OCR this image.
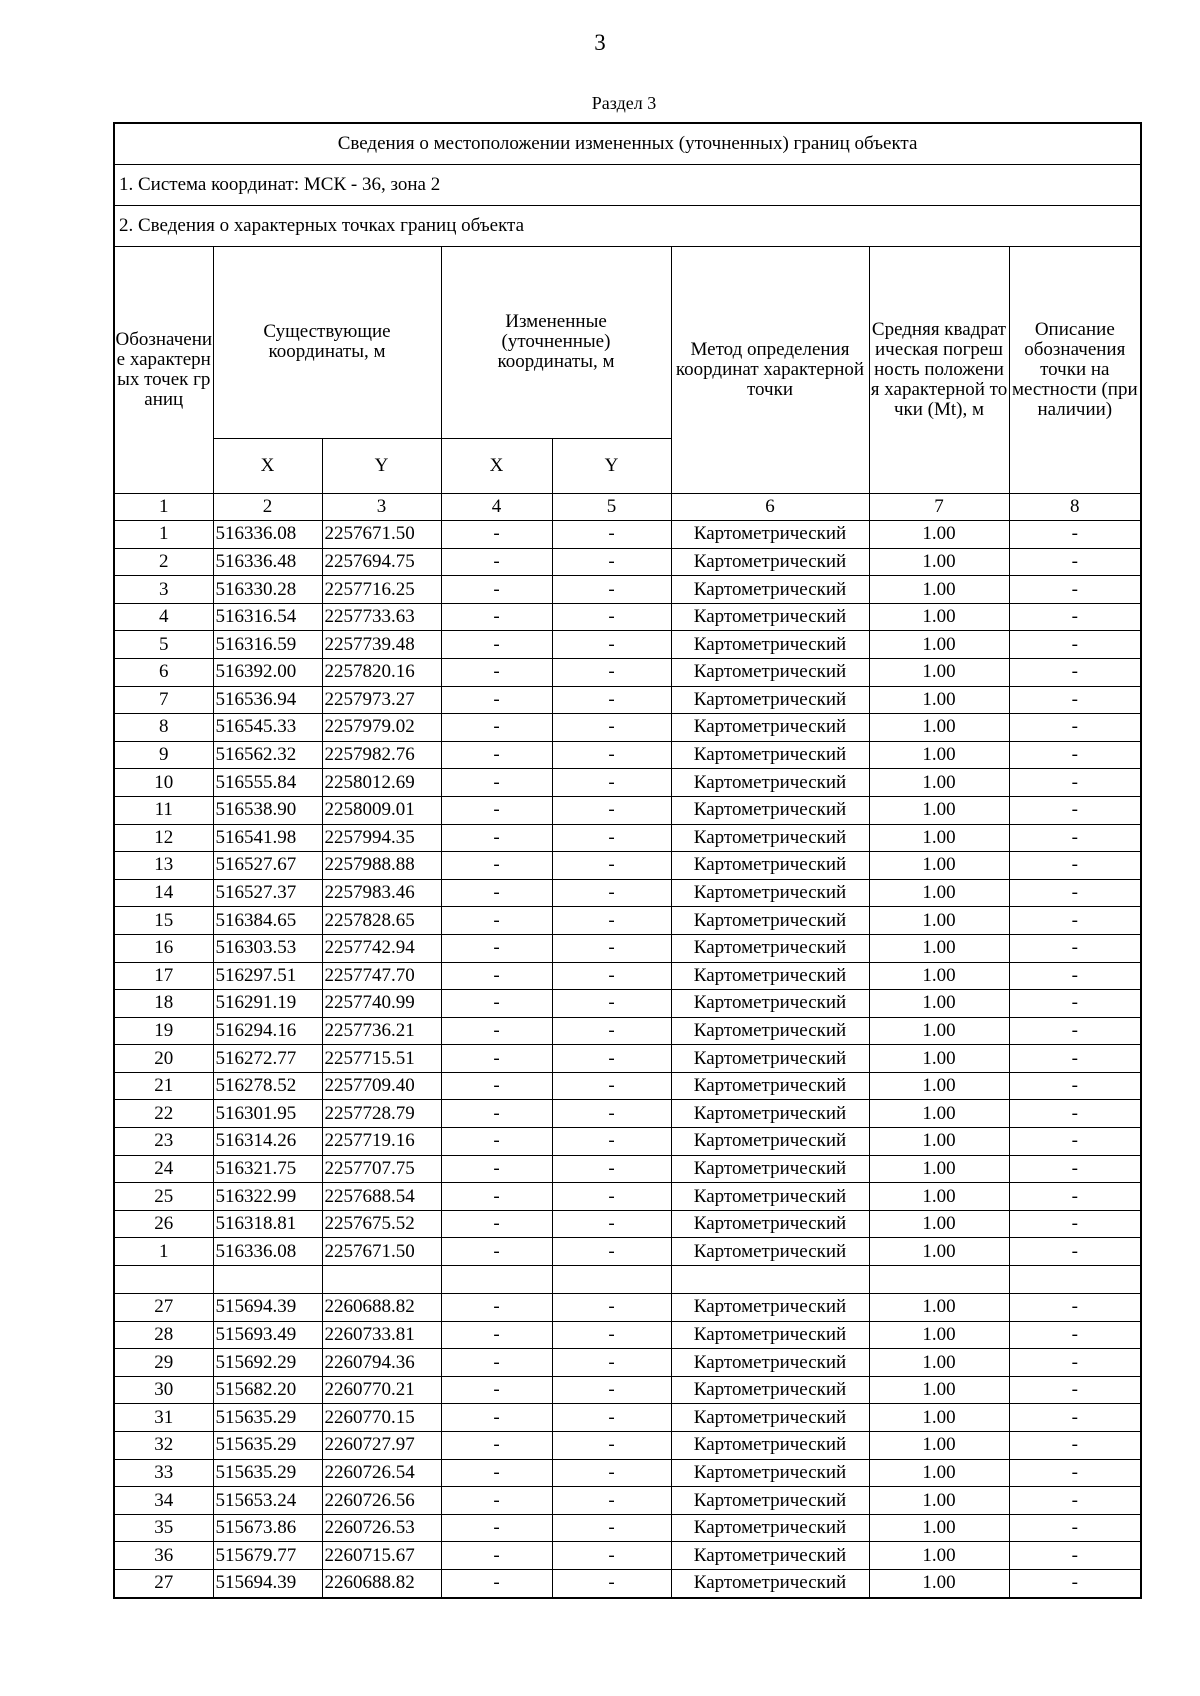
3
Раздел 3
Сведения о местоположении измененных (уточненных) границ объекта							
1. Система координат: МСК - 36, зона 2							
2. Сведения о характерных точках границ объекта							
Обозначение характерных точек границ	Существующие координаты, м		Измененные (уточненные) координаты, м		Метод определения координат характерной точки	Средняя квадратическая погрешность положения характерной точки (Mt), м	Описание обозначения точки на местности (при наличии)
	X	Y	X	Y			
1	2	3	4	5	6	7	8
1	516336.08	2257671.50	-	-	Картометрический	1.00	-
2	516336.48	2257694.75	-	-	Картометрический	1.00	-
3	516330.28	2257716.25	-	-	Картометрический	1.00	-
4	516316.54	2257733.63	-	-	Картометрический	1.00	-
5	516316.59	2257739.48	-	-	Картометрический	1.00	-
6	516392.00	2257820.16	-	-	Картометрический	1.00	-
7	516536.94	2257973.27	-	-	Картометрический	1.00	-
8	516545.33	2257979.02	-	-	Картометрический	1.00	-
9	516562.32	2257982.76	-	-	Картометрический	1.00	-
10	516555.84	2258012.69	-	-	Картометрический	1.00	-
11	516538.90	2258009.01	-	-	Картометрический	1.00	-
12	516541.98	2257994.35	-	-	Картометрический	1.00	-
13	516527.67	2257988.88	-	-	Картометрический	1.00	-
14	516527.37	2257983.46	-	-	Картометрический	1.00	-
15	516384.65	2257828.65	-	-	Картометрический	1.00	-
16	516303.53	2257742.94	-	-	Картометрический	1.00	-
17	516297.51	2257747.70	-	-	Картометрический	1.00	-
18	516291.19	2257740.99	-	-	Картометрический	1.00	-
19	516294.16	2257736.21	-	-	Картометрический	1.00	-
20	516272.77	2257715.51	-	-	Картометрический	1.00	-
21	516278.52	2257709.40	-	-	Картометрический	1.00	-
22	516301.95	2257728.79	-	-	Картометрический	1.00	-
23	516314.26	2257719.16	-	-	Картометрический	1.00	-
24	516321.75	2257707.75	-	-	Картометрический	1.00	-
25	516322.99	2257688.54	-	-	Картометрический	1.00	-
26	516318.81	2257675.52	-	-	Картометрический	1.00	-
1	516336.08	2257671.50	-	-	Картометрический	1.00	-

27	515694.39	2260688.82	-	-	Картометрический	1.00	-
28	515693.49	2260733.81	-	-	Картометрический	1.00	-
29	515692.29	2260794.36	-	-	Картометрический	1.00	-
30	515682.20	2260770.21	-	-	Картометрический	1.00	-
31	515635.29	2260770.15	-	-	Картометрический	1.00	-
32	515635.29	2260727.97	-	-	Картометрический	1.00	-
33	515635.29	2260726.54	-	-	Картометрический	1.00	-
34	515653.24	2260726.56	-	-	Картометрический	1.00	-
35	515673.86	2260726.53	-	-	Картометрический	1.00	-
36	515679.77	2260715.67	-	-	Картометрический	1.00	-
27	515694.39	2260688.82	-	-	Картометрический	1.00	-
